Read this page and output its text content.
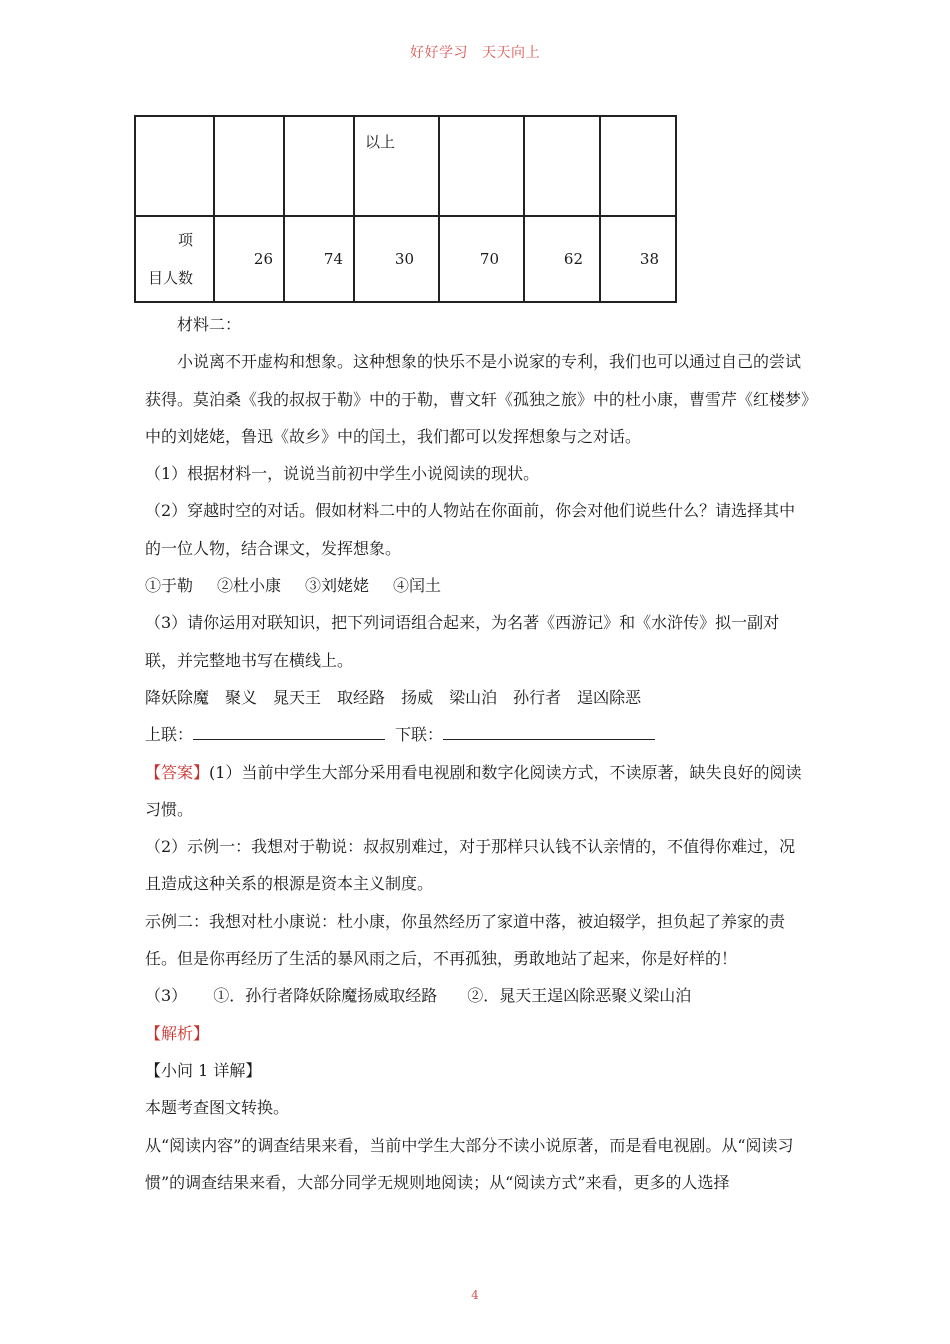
好好学习 天天向上

			以上			

项
目人数	26	74	30	70	62	38

材料二：

小说离不开虚构和想象。这种想象的快乐不是小说家的专利，我们也可以通过自己的尝试获得。莫泊桑《我的叔叔于勒》中的于勒，曹文轩《孤独之旅》中的杜小康，曹雪芹《红楼梦》中的刘姥姥，鲁迅《故乡》中的闰土，我们都可以发挥想象与之对话。

（1）根据材料一，说说当前初中学生小说阅读的现状。

（2）穿越时空的对话。假如材料二中的人物站在你面前，你会对他们说些什么？请选择其中的一位人物，结合课文，发挥想象。

①于勒 ②杜小康 ③刘姥姥 ④闰土

（3）请你运用对联知识，把下列词语组合起来，为名著《西游记》和《水浒传》拟一副对联，并完整地书写在横线上。

降妖除魔 聚义 晁天王 取经路 扬威 梁山泊 孙行者 逞凶除恶

上联：	下联：

【答案】(1）当前中学生大部分采用看电视剧和数字化阅读方式，不读原著，缺失良好的阅读习惯。

（2）示例一：我想对于勒说：叔叔别难过，对于那样只认钱不认亲情的，不值得你难过，况且造成这种关系的根源是资本主义制度。

示例二：我想对杜小康说：杜小康，你虽然经历了家道中落，被迫辍学，担负起了养家的责任。但是你再经历了生活的暴风雨之后，不再孤独，勇敢地站了起来，你是好样的！

（3） ①．孙行者降妖除魔扬威取经路 ②．晁天王逞凶除恶聚义梁山泊

【解析】

【小问 1 详解】

本题考查图文转换。

从“阅读内容”的调查结果来看，当前中学生大部分不读小说原著，而是看电视剧。从“阅读习惯”的调查结果来看，大部分同学无规则地阅读；从“阅读方式”来看，更多的人选择

4
